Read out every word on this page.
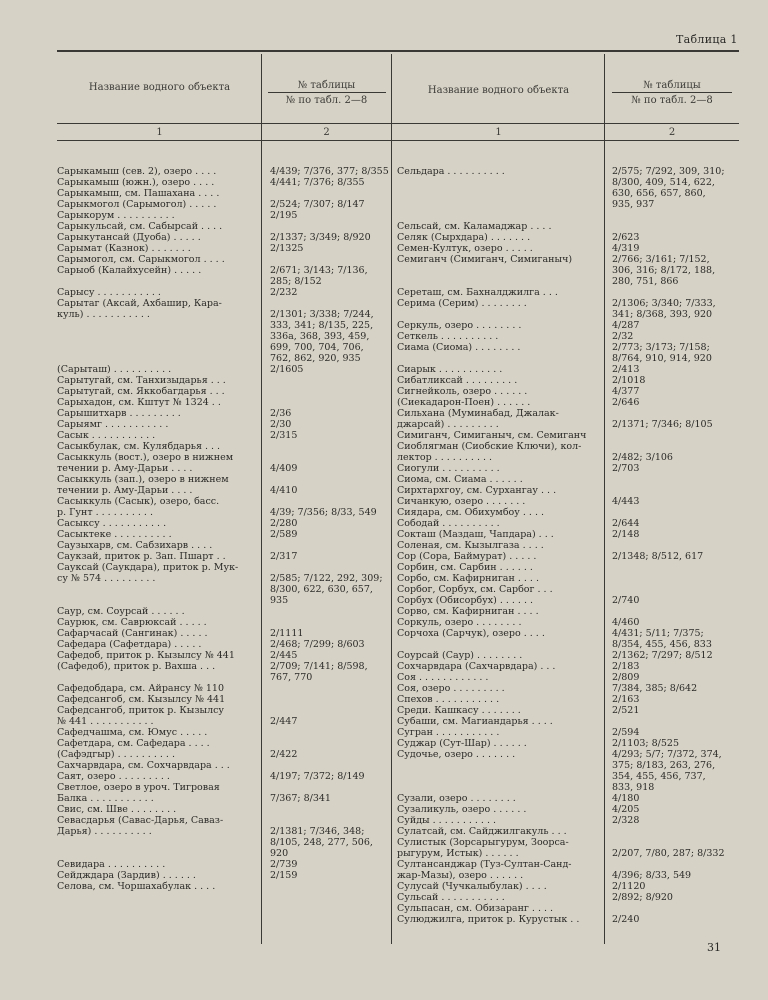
Таблица 1
Название водного объекта	№ таблицы
№ по табл. 2—8
Название водного объекта	№ таблицы
№ по табл. 2—8
1	2	1	2
Сарыкамыш (сев. 2), озеро . . . .	4/439; 7/376, 377; 8/355
Сарыкамыш (южн.), озеро . . . .	4/441; 7/376; 8/355
Сарыкамыш, см. Пашахана . . . .
Сарыкмогол (Сарымогол) . . . . .	2/524; 7/307; 8/147
Сарыкорум . . . . . . . . . .	2/195
Сарыкульсай, см. Сабырсай . . . .
Сарыкутансай (Дуоба) . . . . .	2/1337; 3/349; 8/920
Сарымат (Казнок) . . . . . . .	2/1325
Сарымогол, см. Сарыкмогол . . . .
Сарыоб (Калайхусейн) . . . . .	2/671; 3/143; 7/136,
285; 8/152
Сарысу . . . . . . . . . . .	2/232
Сарытаг (Аксай, Ахбашир, Кара-
куль) . . . . . . . . . . .	2/1301; 3/338; 7/244,
333, 341; 8/135, 225,
336а, 368, 393, 459,
699, 700, 704, 706,
762, 862, 920, 935
(Сарыташ) . . . . . . . . . .	2/1605
Сарытугай, см. Танхизыдарья . . .
Сарытугай, см. Яккобагдарья . . .
Сарыхадон, см. Кштут № 1324 . .
Сарышитхарв . . . . . . . . .	2/36
Сарыямг . . . . . . . . . . .	2/30
Сасык . . . . . . . . . . .	2/315
Сасыкбулак, см. Кулябдарья . . .
Сасыккуль (вост.), озеро в нижнем
течении р. Аму-Дарьи . . . .	4/409
Сасыккуль (зап.), озеро в нижнем
течении р. Аму-Дарьи . . . .	4/410
Сасыккуль (Сасык), озеро, басс.
р. Гунт . . . . . . . . . .	4/39; 7/356; 8/33, 549
Сасыксу . . . . . . . . . . .	2/280
Сасыктеке . . . . . . . . . .	2/589
Саузыхарв, см. Сабзихарв . . . .
Саукзай, приток р. Зап. Пшарт . .	2/317
Сауксай (Саукдара), приток р. Мук-
су № 574 . . . . . . . . .	2/585; 7/122, 292, 309;
8/300, 622, 630, 657,
935
Саур, см. Соурсай . . . . . .
Саурюк, см. Саврюксай . . . . .
Сафарчасай (Сангинак) . . . . .	2/1111
Сафедара (Сафетдара) . . . . .	2/468; 7/299; 8/603
Сафедоб, приток р. Кызылсу № 441	2/445
(Сафедоб), приток р. Вахша . . .	2/709; 7/141; 8/598,
767, 770
Сафедобдара, см. Айрансу № 110
Сафедсангоб, см. Кызылсу № 441
Сафедсангоб, приток р. Кызылсу
№ 441 . . . . . . . . . . .	2/447
Сафедчашма, см. Юмус . . . . .
Сафетдара, см. Сафедара . . . .
(Сафэдгыр) . . . . . . . . . .	2/422
Сахчарвдара, см. Сохчарвдара . . .
Саят, озеро . . . . . . . . .	4/197; 7/372; 8/149
Светлое, озеро в уроч. Тигровая
Балка . . . . . . . . . . .	7/367; 8/341
Свис, см. Шве . . . . . . . .
Севасдарья (Савас-Дарья, Саваз-
Дарья) . . . . . . . . . .	2/1381; 7/346, 348;
8/105, 248, 277, 506,
920
Севидара . . . . . . . . . .	2/739
Сейдждара (Зардив) . . . . . .	2/159
Селова, см. Чоршахабулак . . . .
Сельдара . . . . . . . . . .	2/575; 7/292, 309, 310;
8/300, 409, 514, 622,
630, 656, 657, 860,
935, 937
Сельсай, см. Каламаджар . . . .
Селяк (Сырхдара) . . . . . . .	2/623
Семен-Култук, озеро . . . . .	4/319
Семиганч (Симиганч, Симиганыч)	2/766; 3/161; 7/152,
306, 316; 8/172, 188,
280, 751, 866
Сереташ, см. Бахналджилга . . .
Серима (Серим) . . . . . . . .	2/1306; 3/340; 7/333,
341; 8/368, 393, 920
Серкуль, озеро . . . . . . . .	4/287
Сеткель . . . . . . . . . .	2/32
Сиама (Сиома) . . . . . . . .	2/773; 3/173; 7/158;
8/764, 910, 914, 920
Сиарык . . . . . . . . . . .	2/413
Сибатликсай . . . . . . . . .	2/1018
Сигнейколь, озеро . . . . . .	4/377
(Сиекадарон-Поен) . . . . . .	2/646
Сильхана (Муминабад, Джалак-
джарсай) . . . . . . . . .	2/1371; 7/346; 8/105
Симиганч, Симиганыч, см. Семиганч
Сиоблягман (Сиобские Ключи), кол-
лектор . . . . . . . . . .	2/482; 3/106
Сиогули . . . . . . . . . .	2/703
Сиома, см. Сиама . . . . . .
Сирхтархгоу, см. Сурхангау . . .
Сичанкую, озеро . . . . . . .	4/443
Сиядара, см. Обихумбоу . . . .
Сободай . . . . . . . . . .	2/644
Сокташ (Маздаш, Чапдара) . . .	2/148
Соленая, см. Кызылгаза . . . .
Сор (Сора, Баймурат) . . . . .	2/1348; 8/512, 617
Сорбин, см. Сарбин . . . . . .
Сорбо, см. Кафирниган . . . .
Сорбог, Сорбух, см. Сарбог . . .
Сорбух (Обисорбух) . . . . . .	2/740
Сорво, см. Кафирниган . . . .
Соркуль, озеро . . . . . . . .	4/460
Сорчоха (Сарчук), озеро . . . .	4/431; 5/11; 7/375;
8/354, 455, 456, 833
Соурсай (Саур) . . . . . . . .	2/1362; 7/297; 8/512
Сохчарвдара (Сахчарвдара) . . .	2/183
Соя . . . . . . . . . . . .	2/809
Соя, озеро . . . . . . . . .	7/384, 385; 8/642
Спехов . . . . . . . . . . .	2/163
Среди. Кашкасу . . . . . . .	2/521
Субаши, см. Магиандарья . . . .
Сугран . . . . . . . . . . .	2/594
Суджар (Сут-Шар) . . . . . .	2/1103; 8/525
Судочье, озеро . . . . . . .	4/293; 5/7; 7/372, 374,
375; 8/183, 263, 276,
354, 455, 456, 737,
833, 918
Сузали, озеро . . . . . . . .	4/180
Сузаликуль, озеро . . . . . .	4/205
Суйды . . . . . . . . . . .	2/328
Сулатсай, см. Сайджилгакуль . . .
Сулистык (Зорсарыгурум, Зоорса-
рыгурум, Истык) . . . . . .	2/207, 7/80, 287; 8/332
Султансанджар (Туз-Султан-Санд-
жар-Мазы), озеро . . . . . .	4/396; 8/33, 549
Сулусай (Чучкалыбулак) . . . .	2/1120
Сульсай . . . . . . . . . . .	2/892; 8/920
Сульпасан, см. Обизаранг . . . .
Сулюджилга, приток р. Курустык . .	2/240
31
